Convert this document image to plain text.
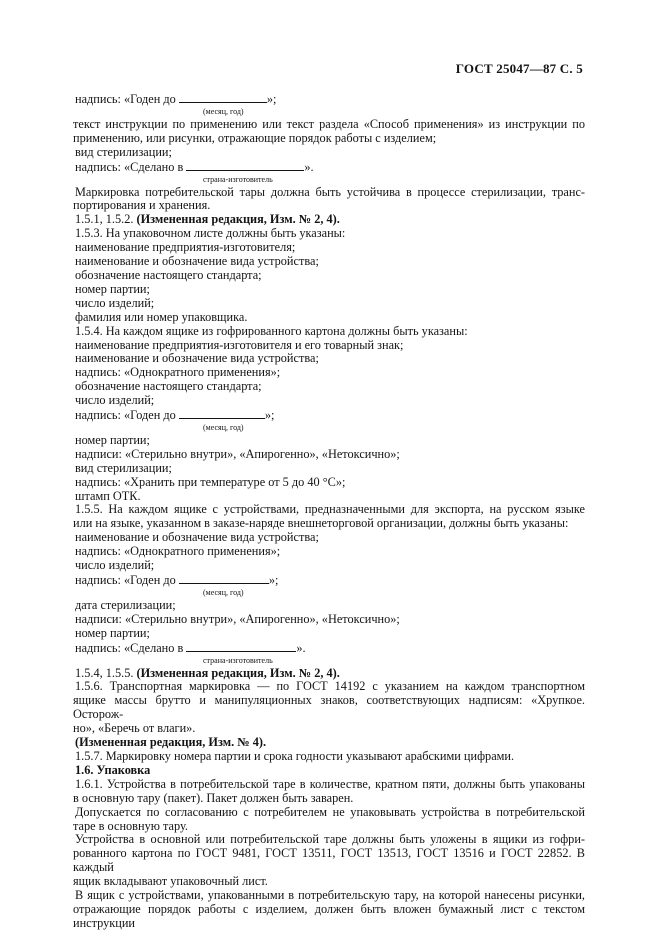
ГОСТ 25047—87 С. 5
надпись: «Годен до	»;
(месяц, год)
текст инструкции по применению или текст раздела «Способ применения» из инструкции по
применению, или рисунки, отражающие порядок работы с изделием;
вид стерилизации;
надпись: «Сделано в	».
страна-изготовитель
Маркировка потребительской тары должна быть устойчива в процессе стерилизации, транс-
портирования и хранения.
1.5.1, 1.5.2. (Измененная редакция, Изм. № 2, 4).
1.5.3. На упаковочном листе должны быть указаны:
наименование предприятия-изготовителя;
наименование и обозначение вида устройства;
обозначение настоящего стандарта;
номер партии;
число изделий;
фамилия или номер упаковщика.
1.5.4. На каждом ящике из гофрированного картона должны быть указаны:
наименование предприятия-изготовителя и его товарный знак;
наименование и обозначение вида устройства;
надпись: «Однократного применения»;
обозначение настоящего стандарта;
число изделий;
надпись: «Годен до	»;
(месяц, год)
номер партии;
надписи: «Стерильно внутри», «Апирогенно», «Нетоксично»;
вид стерилизации;
надпись: «Хранить при температуре от 5 до 40 °С»;
штамп ОТК.
1.5.5. На каждом ящике с устройствами, предназначенными для экспорта, на русском языке
или на языке, указанном в заказе-наряде внешнеторговой организации, должны быть указаны:
наименование и обозначение вида устройства;
надпись: «Однократного применения»;
число изделий;
надпись: «Годен до	»;
(месяц, год)
дата стерилизации;
надписи: «Стерильно внутри», «Апирогенно», «Нетоксично»;
номер партии;
надпись: «Сделано в	».
страна-изготовитель
1.5.4, 1.5.5. (Измененная редакция, Изм. № 2, 4).
1.5.6. Транспортная маркировка — по ГОСТ 14192 с указанием на каждом транспортном
ящике массы брутто и манипуляционных знаков, соответствующих надписям: «Хрупкое. Осторож-
но», «Беречь от влаги».
(Измененная редакция, Изм. № 4).
1.5.7. Маркировку номера партии и срока годности указывают арабскими цифрами.
1.6. Упаковка
1.6.1. Устройства в потребительской таре в количестве, кратном пяти, должны быть упакованы
в основную тару (пакет). Пакет должен быть заварен.
Допускается по согласованию с потребителем не упаковывать устройства в потребительской
таре в основную тару.
Устройства в основной или потребительской таре должны быть уложены в ящики из гофри-
рованного картона по ГОСТ 9481, ГОСТ 13511, ГОСТ 13513, ГОСТ 13516 и ГОСТ 22852. В каждый
ящик вкладывают упаковочный лист.
В ящик с устройствами, упакованными в потребительскую тару, на которой нанесены рисунки,
отражающие порядок работы с изделием, должен быть вложен бумажный лист с текстом инструкции
